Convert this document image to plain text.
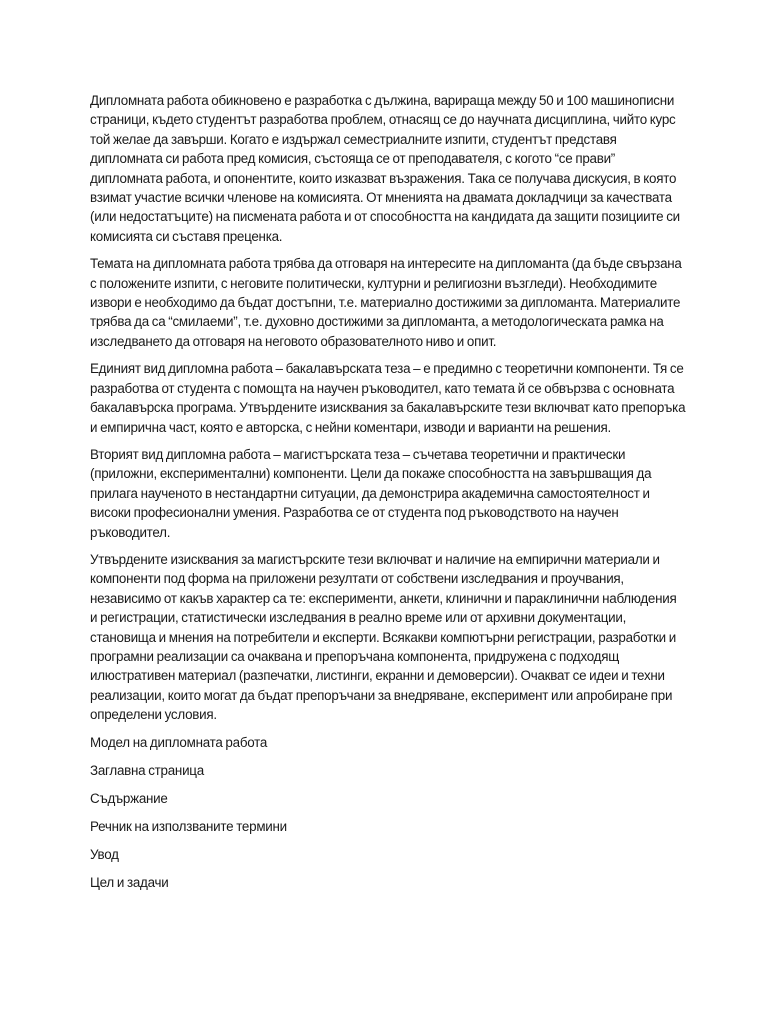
Дипломната работа обикновено е разработка с дължина, варираща между 50 и 100 машинописни страници, където студентът разработва проблем, отнасящ се до научната дисциплина, чийто курс той желае да завърши. Когато е издържал семестриалните изпити, студентът представя дипломната си работа пред комисия, състояща се от преподавателя, с когото “се прави” дипломната работа, и опонентите, които изказват възражения. Така се получава дискусия, в която взимат участие всички членове на комисията. От мненията на двамата докладчици за качествата (или недостатъците) на писмената работа и от способността на кандидата да защити позициите си комисията си съставя преценка.

Темата на дипломната работа трябва да отговаря на интересите на дипломанта (да бъде свързана с положените изпити, с неговите политически, културни и религиозни възгледи). Необходимите извори е необходимо да бъдат достъпни, т.е. материално достижими за дипломанта. Материалите трябва да са “смилаеми”, т.е. духовно достижими за дипломанта, а методологическата рамка на изследването да отговаря на неговото образователното ниво и опит.

Единият вид дипломна работа – бакалавърската теза – е предимно с теоретични компоненти. Тя се разработва от студента с помощта на научен ръководител, като темата й се обвързва с основната бакалавърска програма. Утвърдените изисквания за бакалавърските тези включват като препоръка и емпирична част, която е авторска, с нейни коментари, изводи и варианти на решения.

Вторият вид дипломна работа – магистърската теза – съчетава теоретични и практически (приложни, експериментални) компоненти. Цели да покаже способността на завършващия да прилага наученото в нестандартни ситуации, да демонстрира академична самостоятелност и високи професионални умения. Разработва се от студента под ръководството на научен ръководител.

Утвърдените изисквания за магистърските тези включват и наличие на емпирични материали и компоненти под форма на приложени резултати от собствени изследвания и проучвания, независимо от какъв характер са те: експерименти, анкети, клинични и параклинични наблюдения и регистрации, статистически изследвания в реално време или от архивни документации, становища и мнения на потребители и експерти. Всякакви компютърни регистрации, разработки и програмни реализации са очаквана и препоръчана компонента, придружена с подходящ илюстративен материал (разпечатки, листинги, екранни и демоверсии). Очакват се идеи и техни реализации, които могат да бъдат препоръчани за внедряване, експеримент или апробиране при определени условия.

Модел на дипломната работа

Заглавна страница

Съдържание

Речник на използваните термини

Увод

Цел и задачи
